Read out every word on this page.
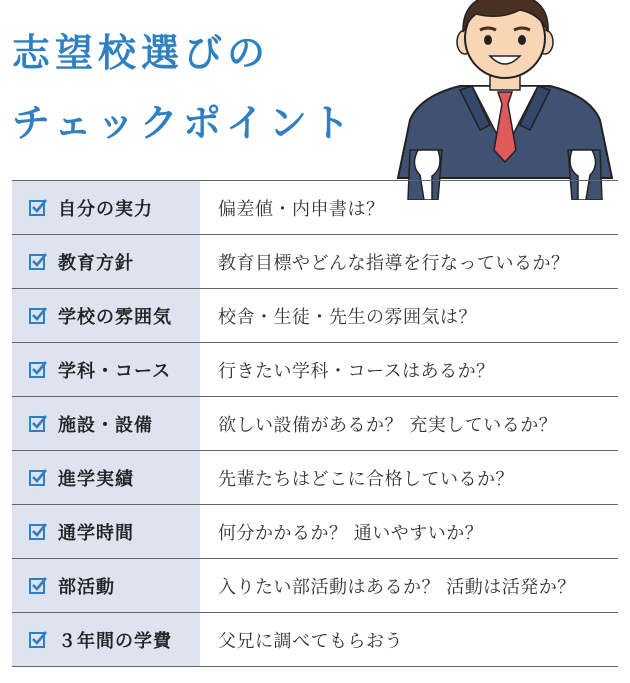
志望校選びの
チェックポイント
自分の実力	偏差値・内申書は？
教育方針	教育目標やどんな指導を行なっているか？
学校の雰囲気	校舎・生徒・先生の雰囲気は？
学科・コース	行きたい学科・コースはあるか？
施設・設備	欲しい設備があるか？ 充実しているか？
進学実績	先輩たちはどこに合格しているか？
通学時間	何分かかるか？ 通いやすいか？
部活動	入りたい部活動はあるか？ 活動は活発か？
３年間の学費	父兄に調べてもらおう
